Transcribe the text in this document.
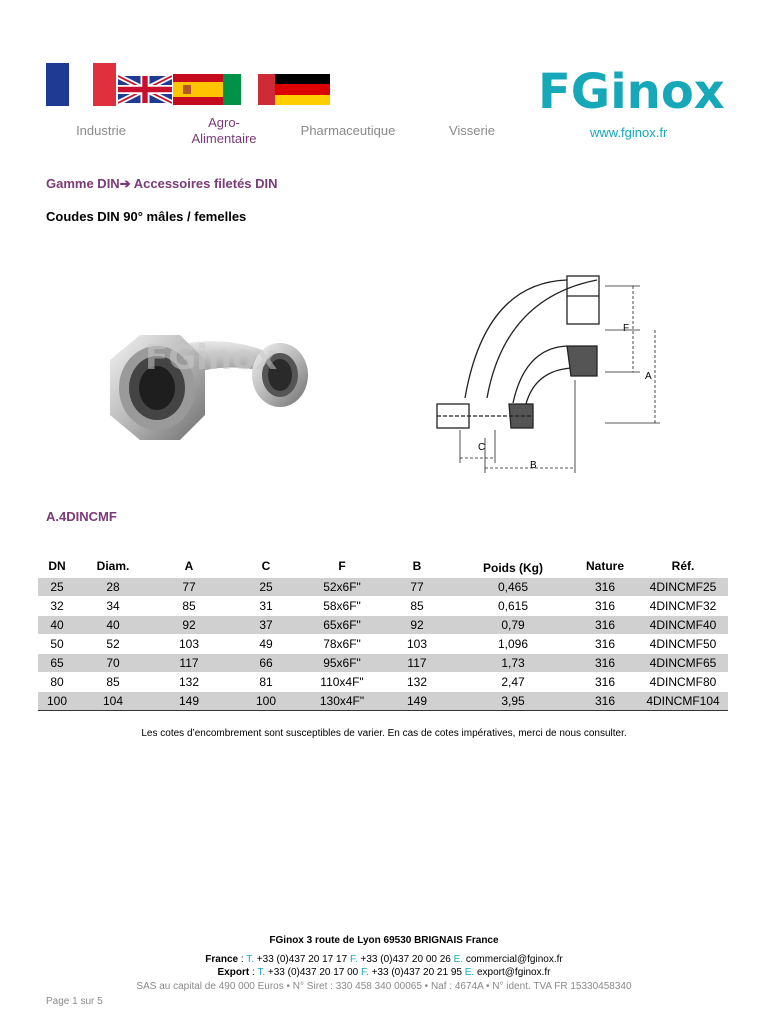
Industrie
Agro-
Alimentaire
Pharmaceutique	Visserie
FGinox
www.fginox.fr
Gamme DIN➔ Accessoires filetés DIN
Coudes DIN 90° mâles / femelles
FGinox
F
A
C
B
A.4DINCMF
DN	Diam.	A	C	F	B	Poids (Kg)	Nature	Réf.
25	28	77	25	52x6F"	77	0,465	316	4DINCMF25
32	34	85	31	58x6F"	85	0,615	316	4DINCMF32
40	40	92	37	65x6F"	92	0,79	316	4DINCMF40
50	52	103	49	78x6F"	103	1,096	316	4DINCMF50
65	70	117	66	95x6F"	117	1,73	316	4DINCMF65
80	85	132	81	110x4F"	132	2,47	316	4DINCMF80
100	104	149	100	130x4F"	149	3,95	316	4DINCMF104
Les cotes d’encombrement sont susceptibles de varier. En cas de cotes impératives, merci de nous consulter.
FGinox 3 route de Lyon 69530 BRIGNAIS France
France : T. +33 (0)437 20 17 17 F. +33 (0)437 20 00 26 E. commercial@fginox.fr
Export : T. +33 (0)437 20 17 00 F. +33 (0)437 20 21 95 E. export@fginox.fr
SAS au capital de 490 000 Euros • N° Siret : 330 458 340 00065 • Naf : 4674A • N° ident. TVA FR 15330458340
Page 1 sur 5
